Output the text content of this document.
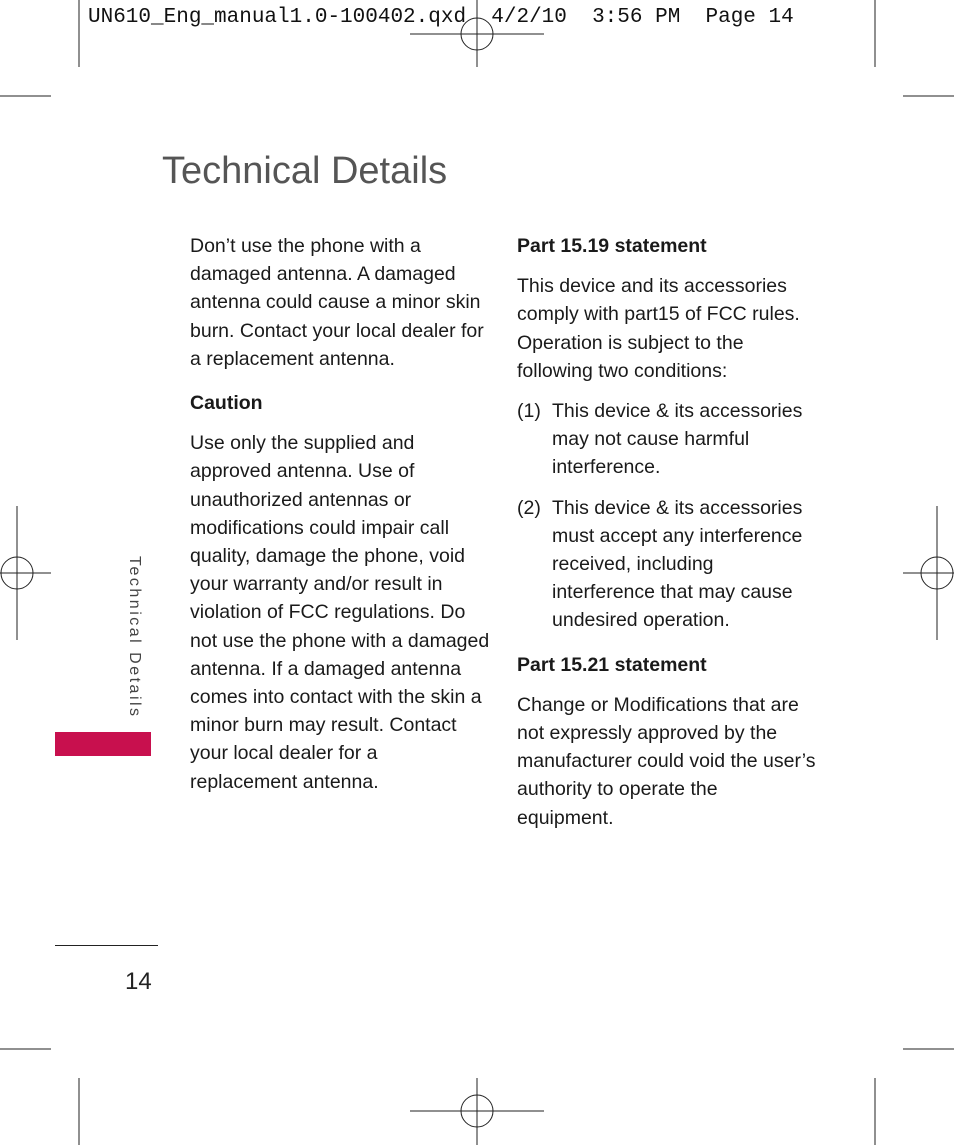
UN610_Eng_manual1.0-100402.qxd  4/2/10  3:56 PM  Page 14
Technical Details

Don’t use the phone with a damaged antenna. A damaged antenna could cause a minor skin burn. Contact your local dealer for a replacement antenna.

Caution

Use only the supplied and approved antenna. Use of unauthorized antennas or modifications could impair call quality, damage the phone, void your warranty and/or result in violation of FCC regulations. Do not use the phone with a damaged antenna. If a damaged antenna comes into contact with the skin a minor burn may result. Contact your local dealer for a replacement antenna.

Part 15.19 statement

This device and its accessories comply with part15 of FCC rules. Operation is subject to the following two conditions:

(1) This device & its accessories may not cause harmful interference.
(2) This device & its accessories must accept any interference received, including interference that may cause undesired operation.
Part 15.21 statement

Change or Modifications that are not expressly approved by the manufacturer could void the user’s authority to operate the equipment.

Technical Details
14
